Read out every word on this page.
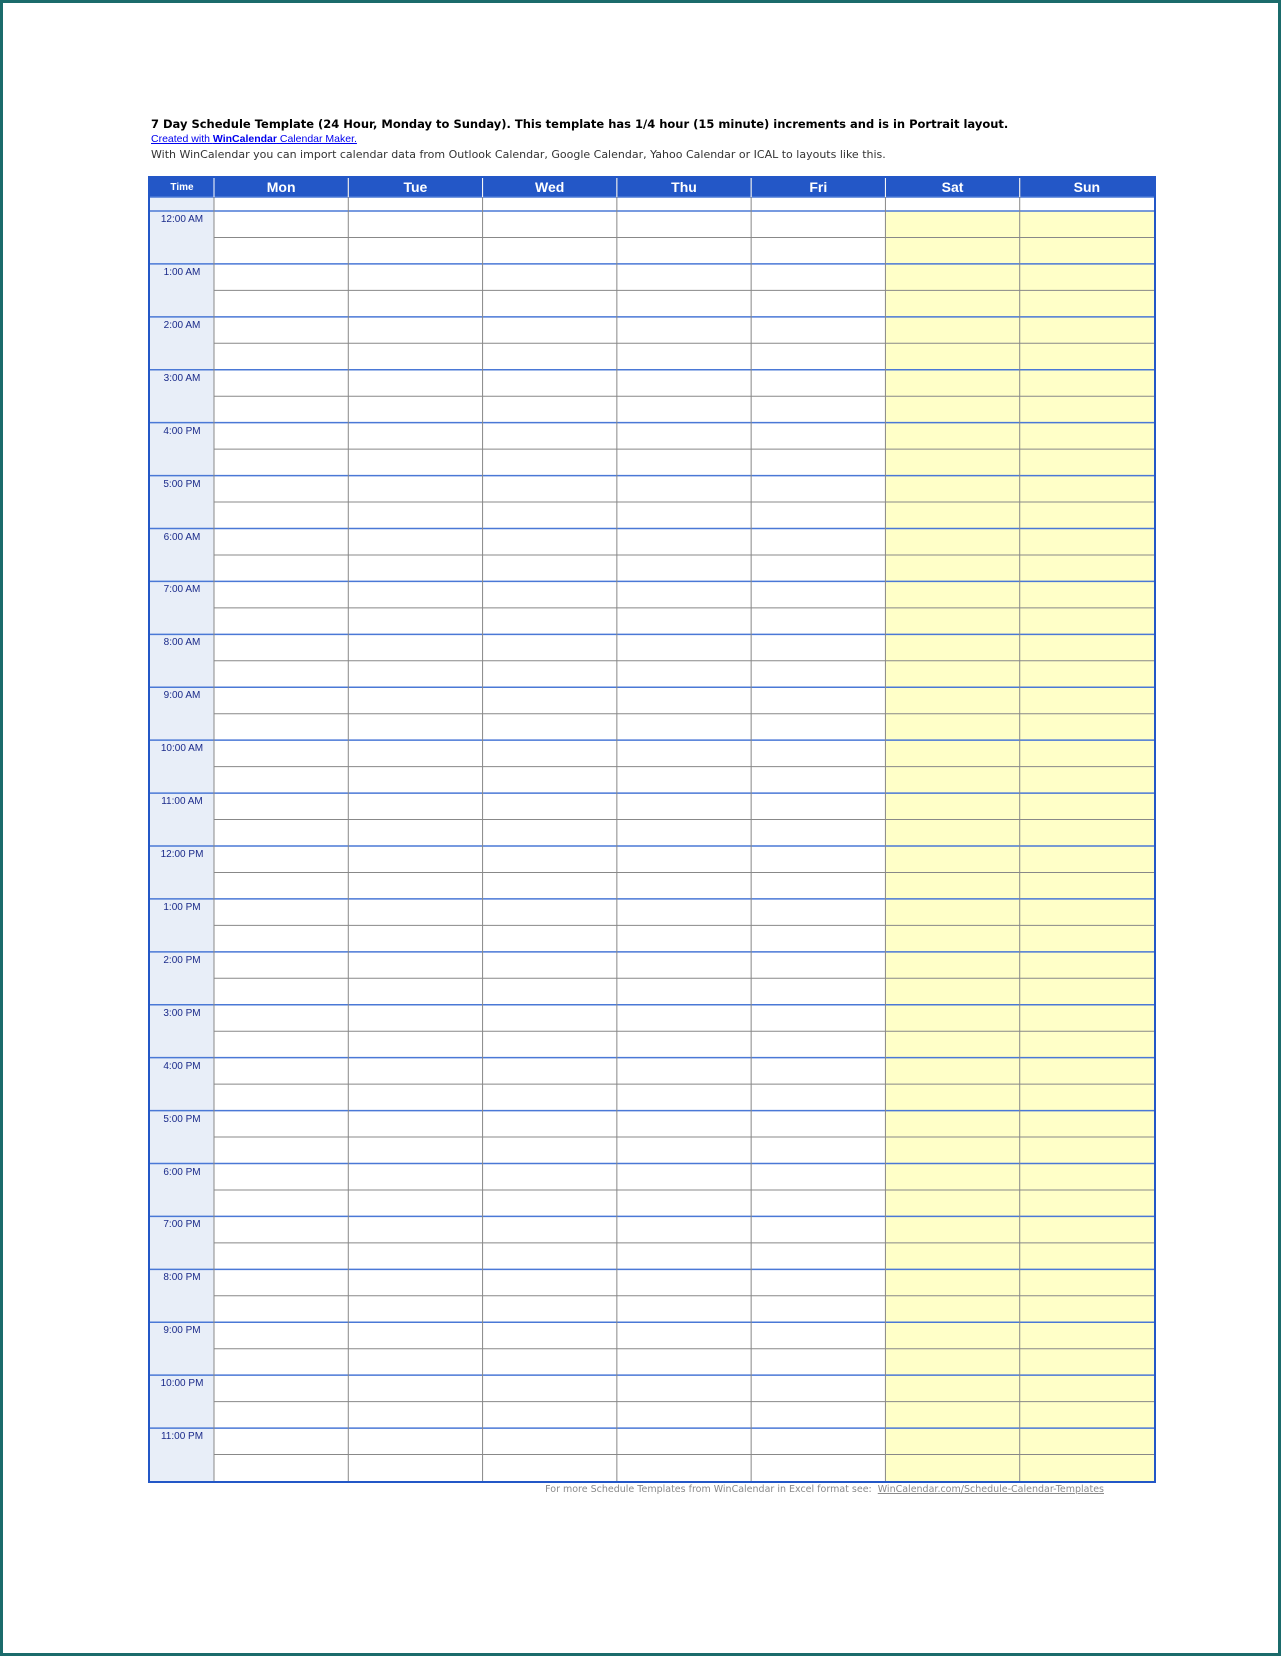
7 Day Schedule Template (24 Hour, Monday to Sunday). This template has 1/4 hour (15 minute) increments and is in Portrait layout.
Created with WinCalendar Calendar Maker.
With WinCalendar you can import calendar data from Outlook Calendar, Google Calendar, Yahoo Calendar or ICAL to layouts like this.
Time	Mon	Tue	Wed	Thu	Fri	Sat	Sun
12:00 AM
1:00 AM
2:00 AM
3:00 AM
4:00 PM
5:00 PM
6:00 AM
7:00 AM
8:00 AM
9:00 AM
10:00 AM
11:00 AM
12:00 PM
1:00 PM
2:00 PM
3:00 PM
4:00 PM
5:00 PM
6:00 PM
7:00 PM
8:00 PM
9:00 PM
10:00 PM
11:00 PM
For more Schedule Templates from WinCalendar in Excel format see: WinCalendar.com/Schedule-Calendar-Templates
